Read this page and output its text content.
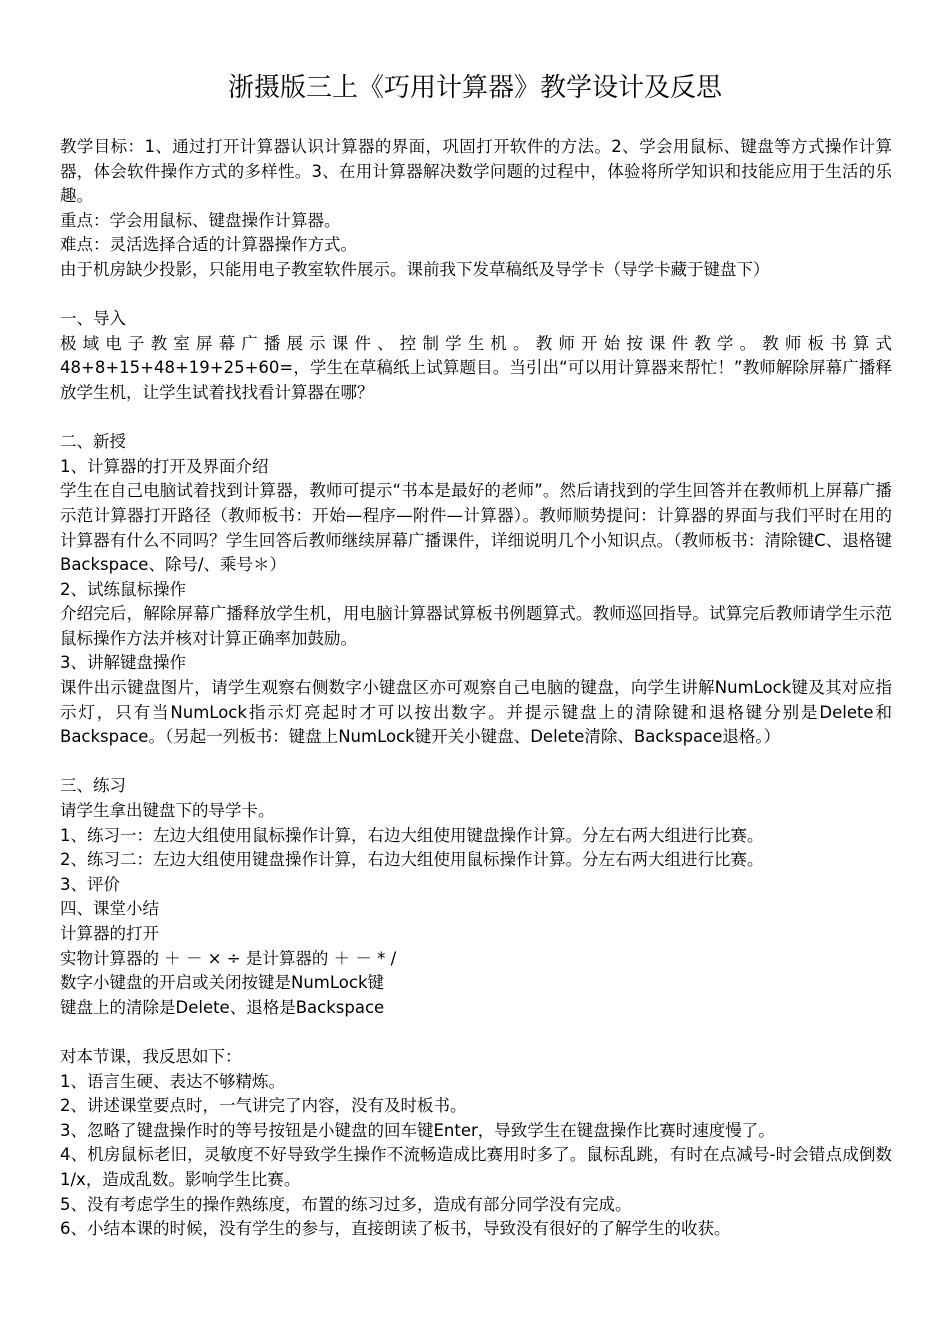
浙摄版三上《巧用计算器》教学设计及反思

教学目标：1、通过打开计算器认识计算器的界面，巩固打开软件的方法。2、学会用鼠标、键盘等方式操作计算器，体会软件操作方式的多样性。3、在用计算器解决数学问题的过程中，体验将所学知识和技能应用于生活的乐趣。

重点：学会用鼠标、键盘操作计算器。

难点：灵活选择合适的计算器操作方式。

由于机房缺少投影，只能用电子教室软件展示。课前我下发草稿纸及导学卡（导学卡藏于键盘下）

一、导入

极域电子教室屏幕广播展示课件、控制学生机。教师开始按课件教学。教师板书算式48+8+15+48+19+25+60=，学生在草稿纸上试算题目。当引出“可以用计算器来帮忙！”教师解除屏幕广播释放学生机，让学生试着找找看计算器在哪？

二、新授

1、计算器的打开及界面介绍

学生在自己电脑试着找到计算器，教师可提示“书本是最好的老师”。然后请找到的学生回答并在教师机上屏幕广播示范计算器打开路径（教师板书：开始—程序—附件—计算器）。教师顺势提问：计算器的界面与我们平时在用的计算器有什么不同吗？学生回答后教师继续屏幕广播课件，详细说明几个小知识点。（教师板书：清除键C、退格键Backspace、除号/、乘号＊）

2、试练鼠标操作

介绍完后，解除屏幕广播释放学生机，用电脑计算器试算板书例题算式。教师巡回指导。试算完后教师请学生示范鼠标操作方法并核对计算正确率加鼓励。

3、讲解键盘操作

课件出示键盘图片，请学生观察右侧数字小键盘区亦可观察自己电脑的键盘，向学生讲解NumLock键及其对应指示灯，只有当NumLock指示灯亮起时才可以按出数字。并提示键盘上的清除键和退格键分别是Delete和Backspace。（另起一列板书：键盘上NumLock键开关小键盘、Delete清除、Backspace退格。）

三、练习

请学生拿出键盘下的导学卡。

1、练习一：左边大组使用鼠标操作计算，右边大组使用键盘操作计算。分左右两大组进行比赛。

2、练习二：左边大组使用键盘操作计算，右边大组使用鼠标操作计算。分左右两大组进行比赛。

3、评价

四、课堂小结

计算器的打开

实物计算器的 ＋ － × ÷ 是计算器的 ＋ － * /

数字小键盘的开启或关闭按键是NumLock键

键盘上的清除是Delete、退格是Backspace

对本节课，我反思如下：

1、语言生硬、表达不够精炼。

2、讲述课堂要点时，一气讲完了内容，没有及时板书。

3、忽略了键盘操作时的等号按钮是小键盘的回车键Enter，导致学生在键盘操作比赛时速度慢了。

4、机房鼠标老旧，灵敏度不好导致学生操作不流畅造成比赛用时多了。鼠标乱跳，有时在点减号-时会错点成倒数1/x，造成乱数。影响学生比赛。

5、没有考虑学生的操作熟练度，布置的练习过多，造成有部分同学没有完成。

6、小结本课的时候，没有学生的参与，直接朗读了板书，导致没有很好的了解学生的收获。
